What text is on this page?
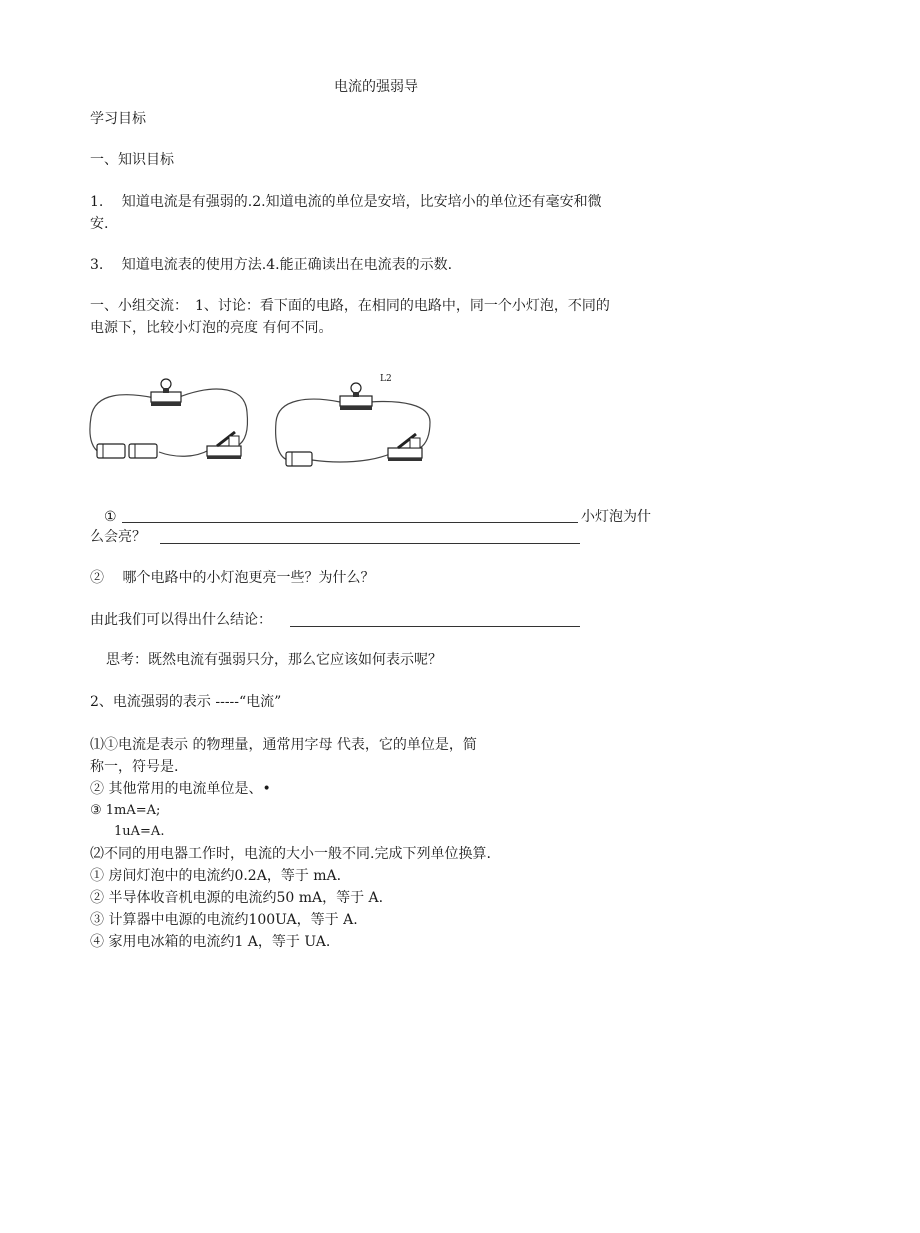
电流的强弱导
学习目标
一、知识目标
1.　 知道电流是有强弱的.2.知道电流的单位是安培，比安培小的单位还有毫安和微
安.
3.　 知道电流表的使用方法.4.能正确读出在电流表的示数.
一、小组交流：　1、讨论：看下面的电路，在相同的电路中，同一个小灯泡，不同的
电源下，比较小灯泡的亮度 有何不同。
L2
①	小灯泡为什
么会亮？
②　 哪个电路中的小灯泡更亮一些？为什么？
由此我们可以得出什么结论：
思考：既然电流有强弱只分，那么它应该如何表示呢？
2、电流强弱的表示 -----“电流”
⑴①电流是表示 的物理量，通常用字母 代表，它的单位是，简
称一，符号是.
② 其他常用的电流单位是、•
③ 1mA=A;
1uA=A.
⑵不同的用电器工作时，电流的大小一般不同.完成下列单位换算.
① 房间灯泡中的电流约0.2A，等于 mA.
② 半导体收音机电源的电流约50 mA，等于 A.
③ 计算器中电源的电流约100UA，等于 A.
④ 家用电冰箱的电流约1 A，等于 UA.
